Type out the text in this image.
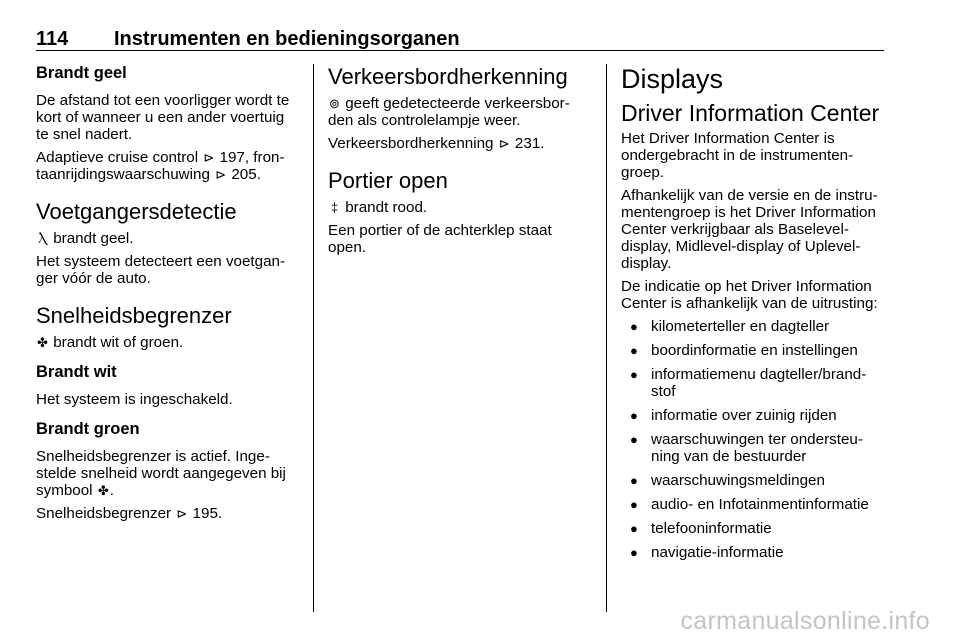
114 Instrumenten en bedieningsorganen
Brandt geel

De afstand tot een voorligger wordt te kort of wanneer u een ander voertuig te snel nadert.

Adaptieve cruise control ⊳ 197, frontaanrijdingswaarschuwing ⊳ 205.

Voetgangersdetectie

Ⲗ brandt geel.

Het systeem detecteert een voetganger vóór de auto.

Snelheidsbegrenzer

✤ brandt wit of groen.

Brandt wit

Het systeem is ingeschakeld.

Brandt groen

Snelheidsbegrenzer is actief. Ingestelde snelheid wordt aangegeven bij symbool ✤.

Snelheidsbegrenzer ⊳ 195.

Verkeersbordherkenning

⊚ geeft gedetecteerde verkeersborden als controlelampje weer.

Verkeersbordherkenning ⊳ 231.

Portier open

‡ brandt rood.

Een portier of de achterklep staat open.

Displays
Driver Information Center

Het Driver Information Center is ondergebracht in de instrumentengroep.

Afhankelijk van de versie en de instrumentengroep is het Driver Information Center verkrijgbaar als Baselevel-display, Midlevel-display of Uplevel-display.

De indicatie op het Driver Information Center is afhankelijk van de uitrusting:

● kilometerteller en dagteller
● boordinformatie en instellingen
● informatiemenu dagteller/brandstof
● informatie over zuinig rijden
● waarschuwingen ter ondersteuning van de bestuurder
● waarschuwingsmeldingen
● audio- en Infotainmentinformatie
● telefooninformatie
● navigatie-informatie
carmanualsonline.info
